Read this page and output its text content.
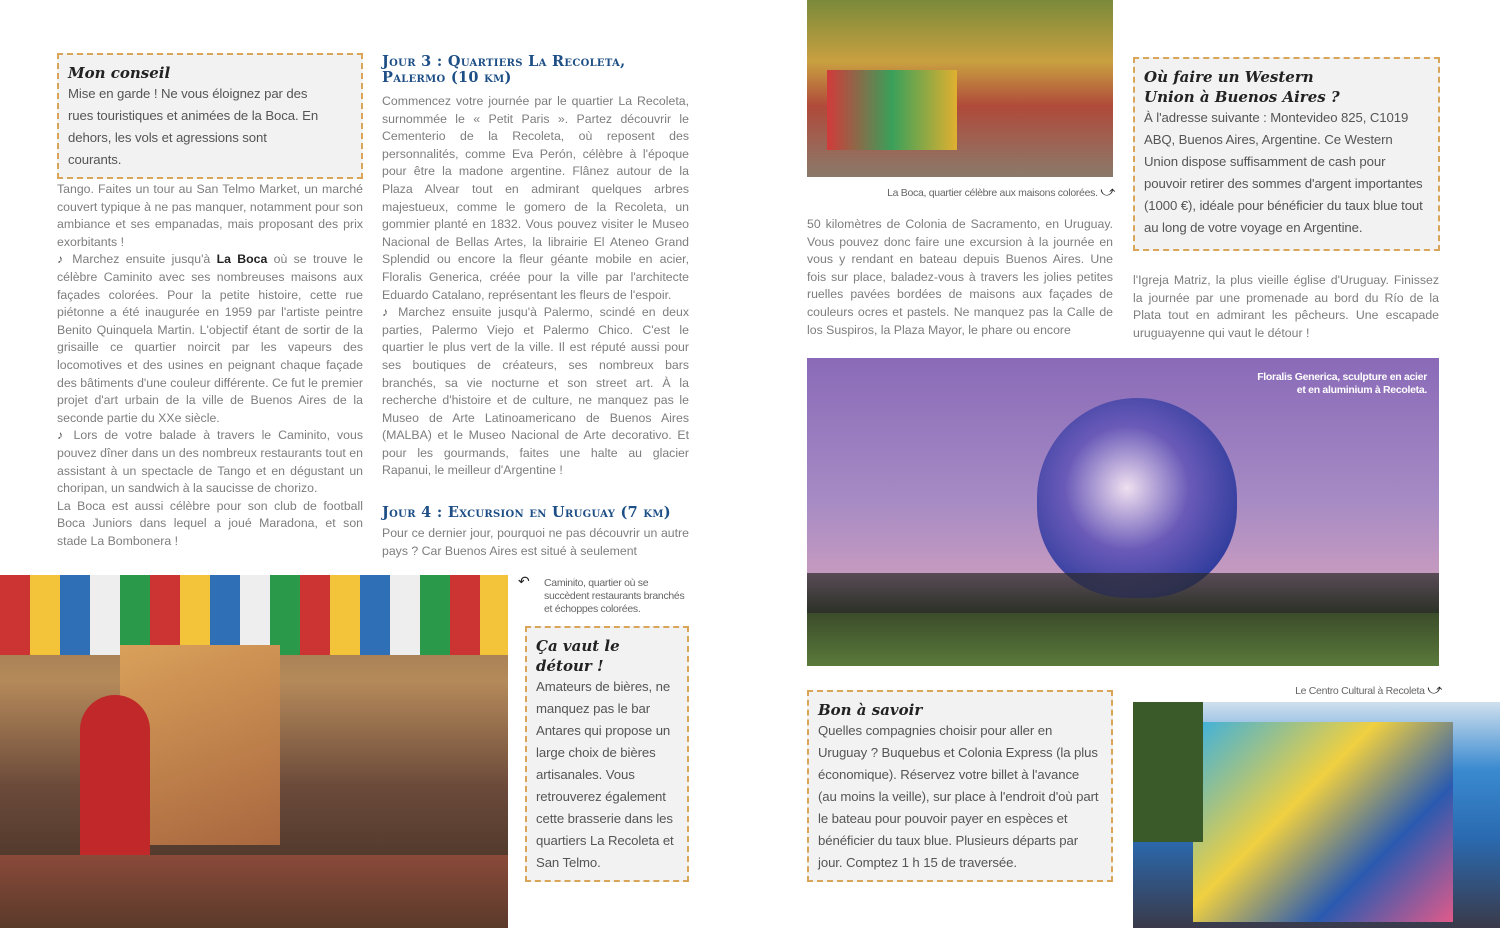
Mon conseil
Mise en garde ! Ne vous éloignez par des rues touristiques et animées de la Boca. En dehors, les vols et agressions sont courants.

Tango. Faites un tour au San Telmo Market, un marché couvert typique à ne pas manquer, notamment pour son ambiance et ses empanadas, mais proposant des prix exorbitants !

♪ Marchez ensuite jusqu'à La Boca où se trouve le célèbre Caminito avec ses nombreuses maisons aux façades colorées. Pour la petite histoire, cette rue piétonne a été inaugurée en 1959 par l'artiste peintre Benito Quinquela Martin. L'objectif étant de sortir de la grisaille ce quartier noircit par les vapeurs des locomotives et des usines en peignant chaque façade des bâtiments d'une couleur différente. Ce fut le premier projet d'art urbain de la ville de Buenos Aires de la seconde partie du XXe siècle.

♪ Lors de votre balade à travers le Caminito, vous pouvez dîner dans un des nombreux restaurants tout en assistant à un spectacle de Tango et en dégustant un choripan, un sandwich à la saucisse de chorizo.

La Boca est aussi célèbre pour son club de football Boca Juniors dans lequel a joué Maradona, et son stade La Bombonera !

Jour 3 : Quartiers La Recoleta, Palermo (10 km)

Commencez votre journée par le quartier La Recoleta, surnommée le « Petit Paris ». Partez découvrir le Cementerio de la Recoleta, où reposent des personnalités, comme Eva Perón, célèbre à l'époque pour être la madone argentine. Flânez autour de la Plaza Alvear tout en admirant quelques arbres majestueux, comme le gomero de la Recoleta, un gommier planté en 1832. Vous pouvez visiter le Museo Nacional de Bellas Artes, la librairie El Ateneo Grand Splendid ou encore la fleur géante mobile en acier, Floralis Generica, créée pour la ville par l'architecte Eduardo Catalano, représentant les fleurs de l'espoir.

♪ Marchez ensuite jusqu'à Palermo, scindé en deux parties, Palermo Viejo et Palermo Chico. C'est le quartier le plus vert de la ville. Il est réputé aussi pour ses boutiques de créateurs, ses nombreux bars branchés, sa vie nocturne et son street art. À la recherche d'histoire et de culture, ne manquez pas le Museo de Arte Latinoamericano de Buenos Aires (MALBA) et le Museo Nacional de Arte decorativo. Et pour les gourmands, faites une halte au glacier Rapanui, le meilleur d'Argentine !

Jour 4 : Excursion en Uruguay (7 km)

Pour ce dernier jour, pourquoi ne pas découvrir un autre pays ? Car Buenos Aires est situé à seulement

↶	Caminito, quartier où se succèdent restaurants branchés et échoppes colorées.
Ça vaut le détour !
Amateurs de bières, ne manquez pas le bar Antares qui propose un large choix de bières artisanales. Vous retrouverez également cette brasserie dans les quartiers La Recoleta et San Telmo.
La Boca, quartier célèbre aux maisons colorées. ⤻
50 kilomètres de Colonia de Sacramento, en Uruguay. Vous pouvez donc faire une excursion à la journée en vous y rendant en bateau depuis Buenos Aires. Une fois sur place, baladez-vous à travers les jolies petites ruelles pavées bordées de maisons aux façades de couleurs ocres et pastels. Ne manquez pas la Calle de los Suspiros, la Plaza Mayor, le phare ou encore
Où faire un Western Union à Buenos Aires ?
À l'adresse suivante : Montevideo 825, C1019 ABQ, Buenos Aires, Argentine. Ce Western Union dispose suffisamment de cash pour pouvoir retirer des sommes d'argent importantes (1000 €), idéale pour bénéficier du taux blue tout au long de votre voyage en Argentine.
l'Igreja Matriz, la plus vieille église d'Uruguay. Finissez la journée par une promenade au bord du Río de la Plata tout en admirant les pêcheurs. Une escapade uruguayenne qui vaut le détour !
Floralis Generica, sculpture en acier et en aluminium à Recoleta.
Bon à savoir
Quelles compagnies choisir pour aller en Uruguay ? Buquebus et Colonia Express (la plus économique). Réservez votre billet à l'avance (au moins la veille), sur place à l'endroit d'où part le bateau pour pouvoir payer en espèces et bénéficier du taux blue. Plusieurs départs par jour. Comptez 1 h 15 de traversée.
Le Centro Cultural à Recoleta ⤻
